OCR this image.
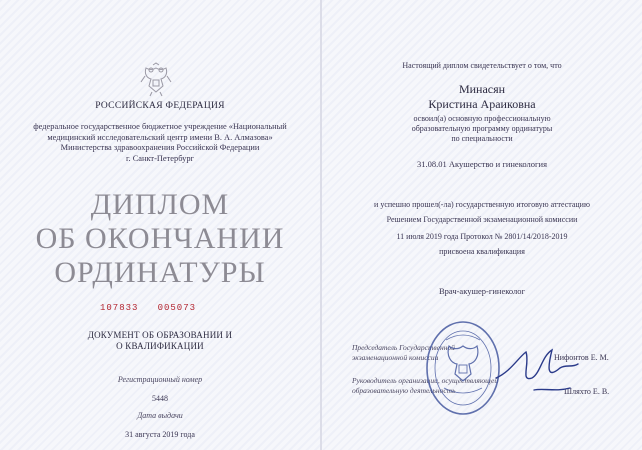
РОССИЙСКАЯ ФЕДЕРАЦИЯ
федеральное государственное бюджетное учреждение «Национальный
медицинский исследовательский центр имени В. А. Алмазова»
Министерства здравоохранения Российской Федерации
г. Санкт-Петербург
ДИПЛОМ
ОБ ОКОНЧАНИИ
ОРДИНАТУРЫ
107833 005073
ДОКУМЕНТ ОБ ОБРАЗОВАНИИ И
О КВАЛИФИКАЦИИ
Регистрационный номер
5448
Дата выдачи
31 августа 2019 года
Настоящий диплом свидетельствует о том, что
Минасян
Кристина Араиковна
освоил(а) основную профессиональную
образовательную программу ординатуры
по специальности
31.08.01 Акушерство и гинекология
и успешно прошел(-ла) государственную итоговую аттестацию
Решением Государственной экзаменационной комиссии
11 июля 2019 года Протокол № 2801/14/2018-2019
присвоена квалификация
Врач-акушер-гинеколог
Председатель Государственной
экзаменационной комиссии	Нифонтов Е. М.
Руководитель организации, осуществляющей
образовательную деятельность	Шляхто Е. В.
